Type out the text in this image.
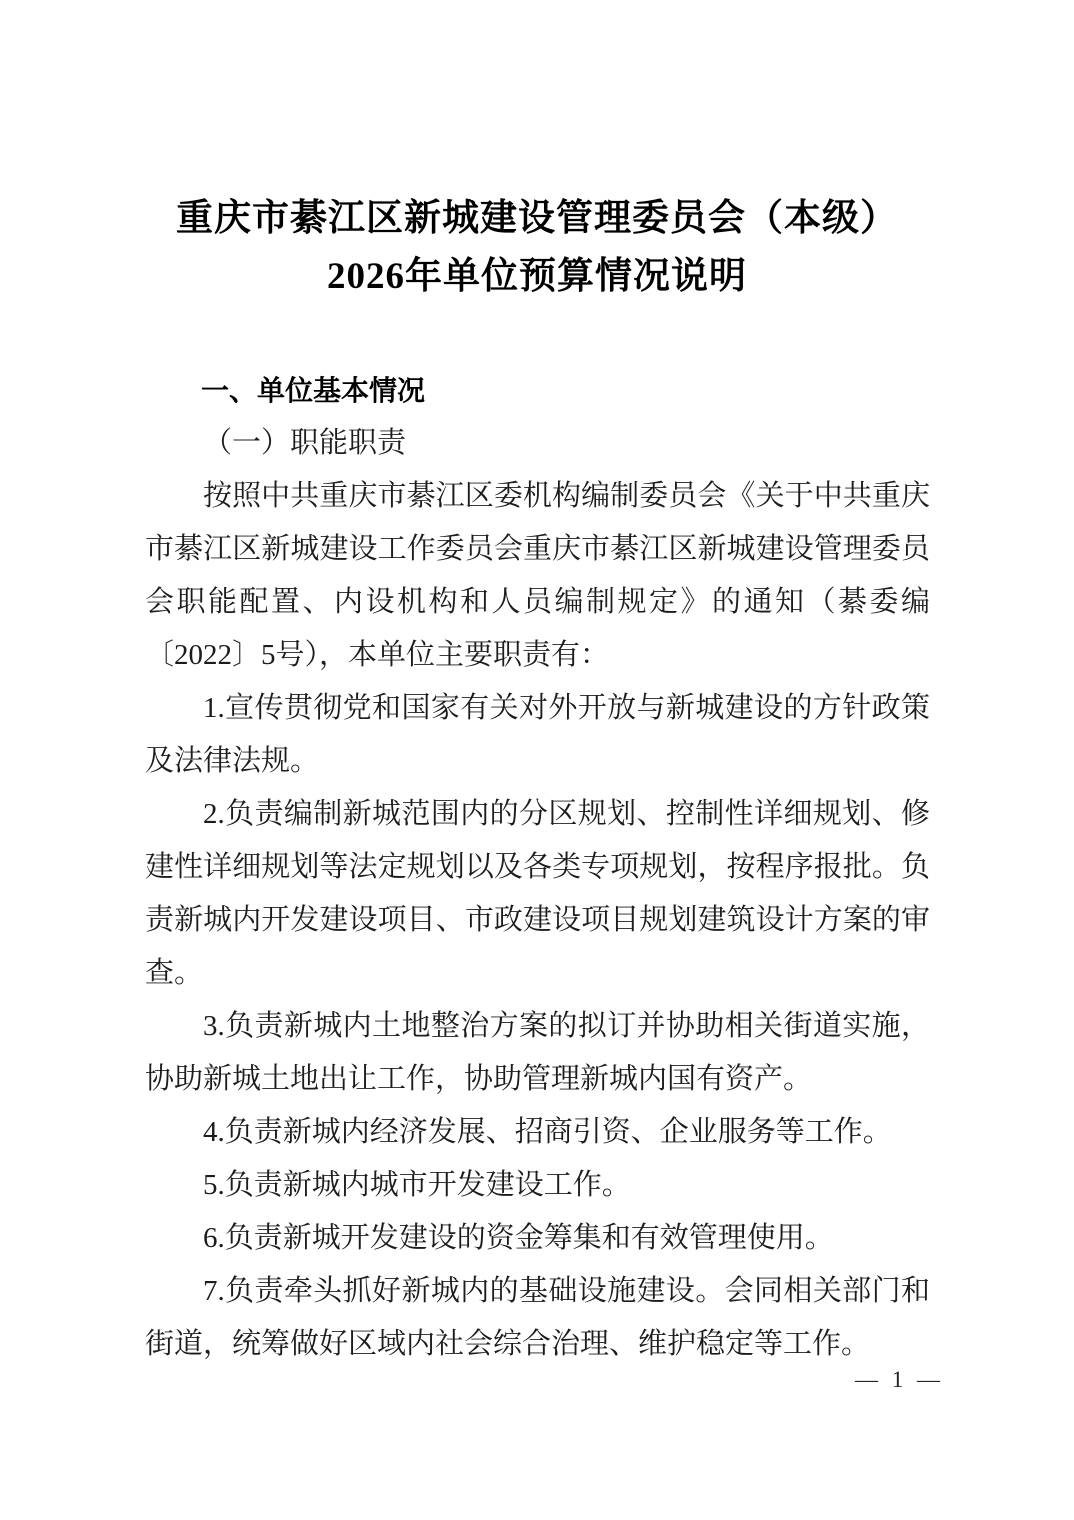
重庆市綦江区新城建设管理委员会（本级）
2026年单位预算情况说明
一、单位基本情况
（一）职能职责

按照中共重庆市綦江区委机构编制委员会《关于中共重庆市綦江区新城建设工作委员会重庆市綦江区新城建设管理委员会职能配置、内设机构和人员编制规定》的通知（綦委编〔2022〕5号），本单位主要职责有：

1.宣传贯彻党和国家有关对外开放与新城建设的方针政策及法律法规。

2.负责编制新城范围内的分区规划、控制性详细规划、修建性详细规划等法定规划以及各类专项规划，按程序报批。负责新城内开发建设项目、市政建设项目规划建筑设计方案的审查。

3.负责新城内土地整治方案的拟订并协助相关街道实施，协助新城土地出让工作，协助管理新城内国有资产。

4.负责新城内经济发展、招商引资、企业服务等工作。

5.负责新城内城市开发建设工作。

6.负责新城开发建设的资金筹集和有效管理使用。

7.负责牵头抓好新城内的基础设施建设。会同相关部门和街道，统筹做好区域内社会综合治理、维护稳定等工作。

— 1 —
